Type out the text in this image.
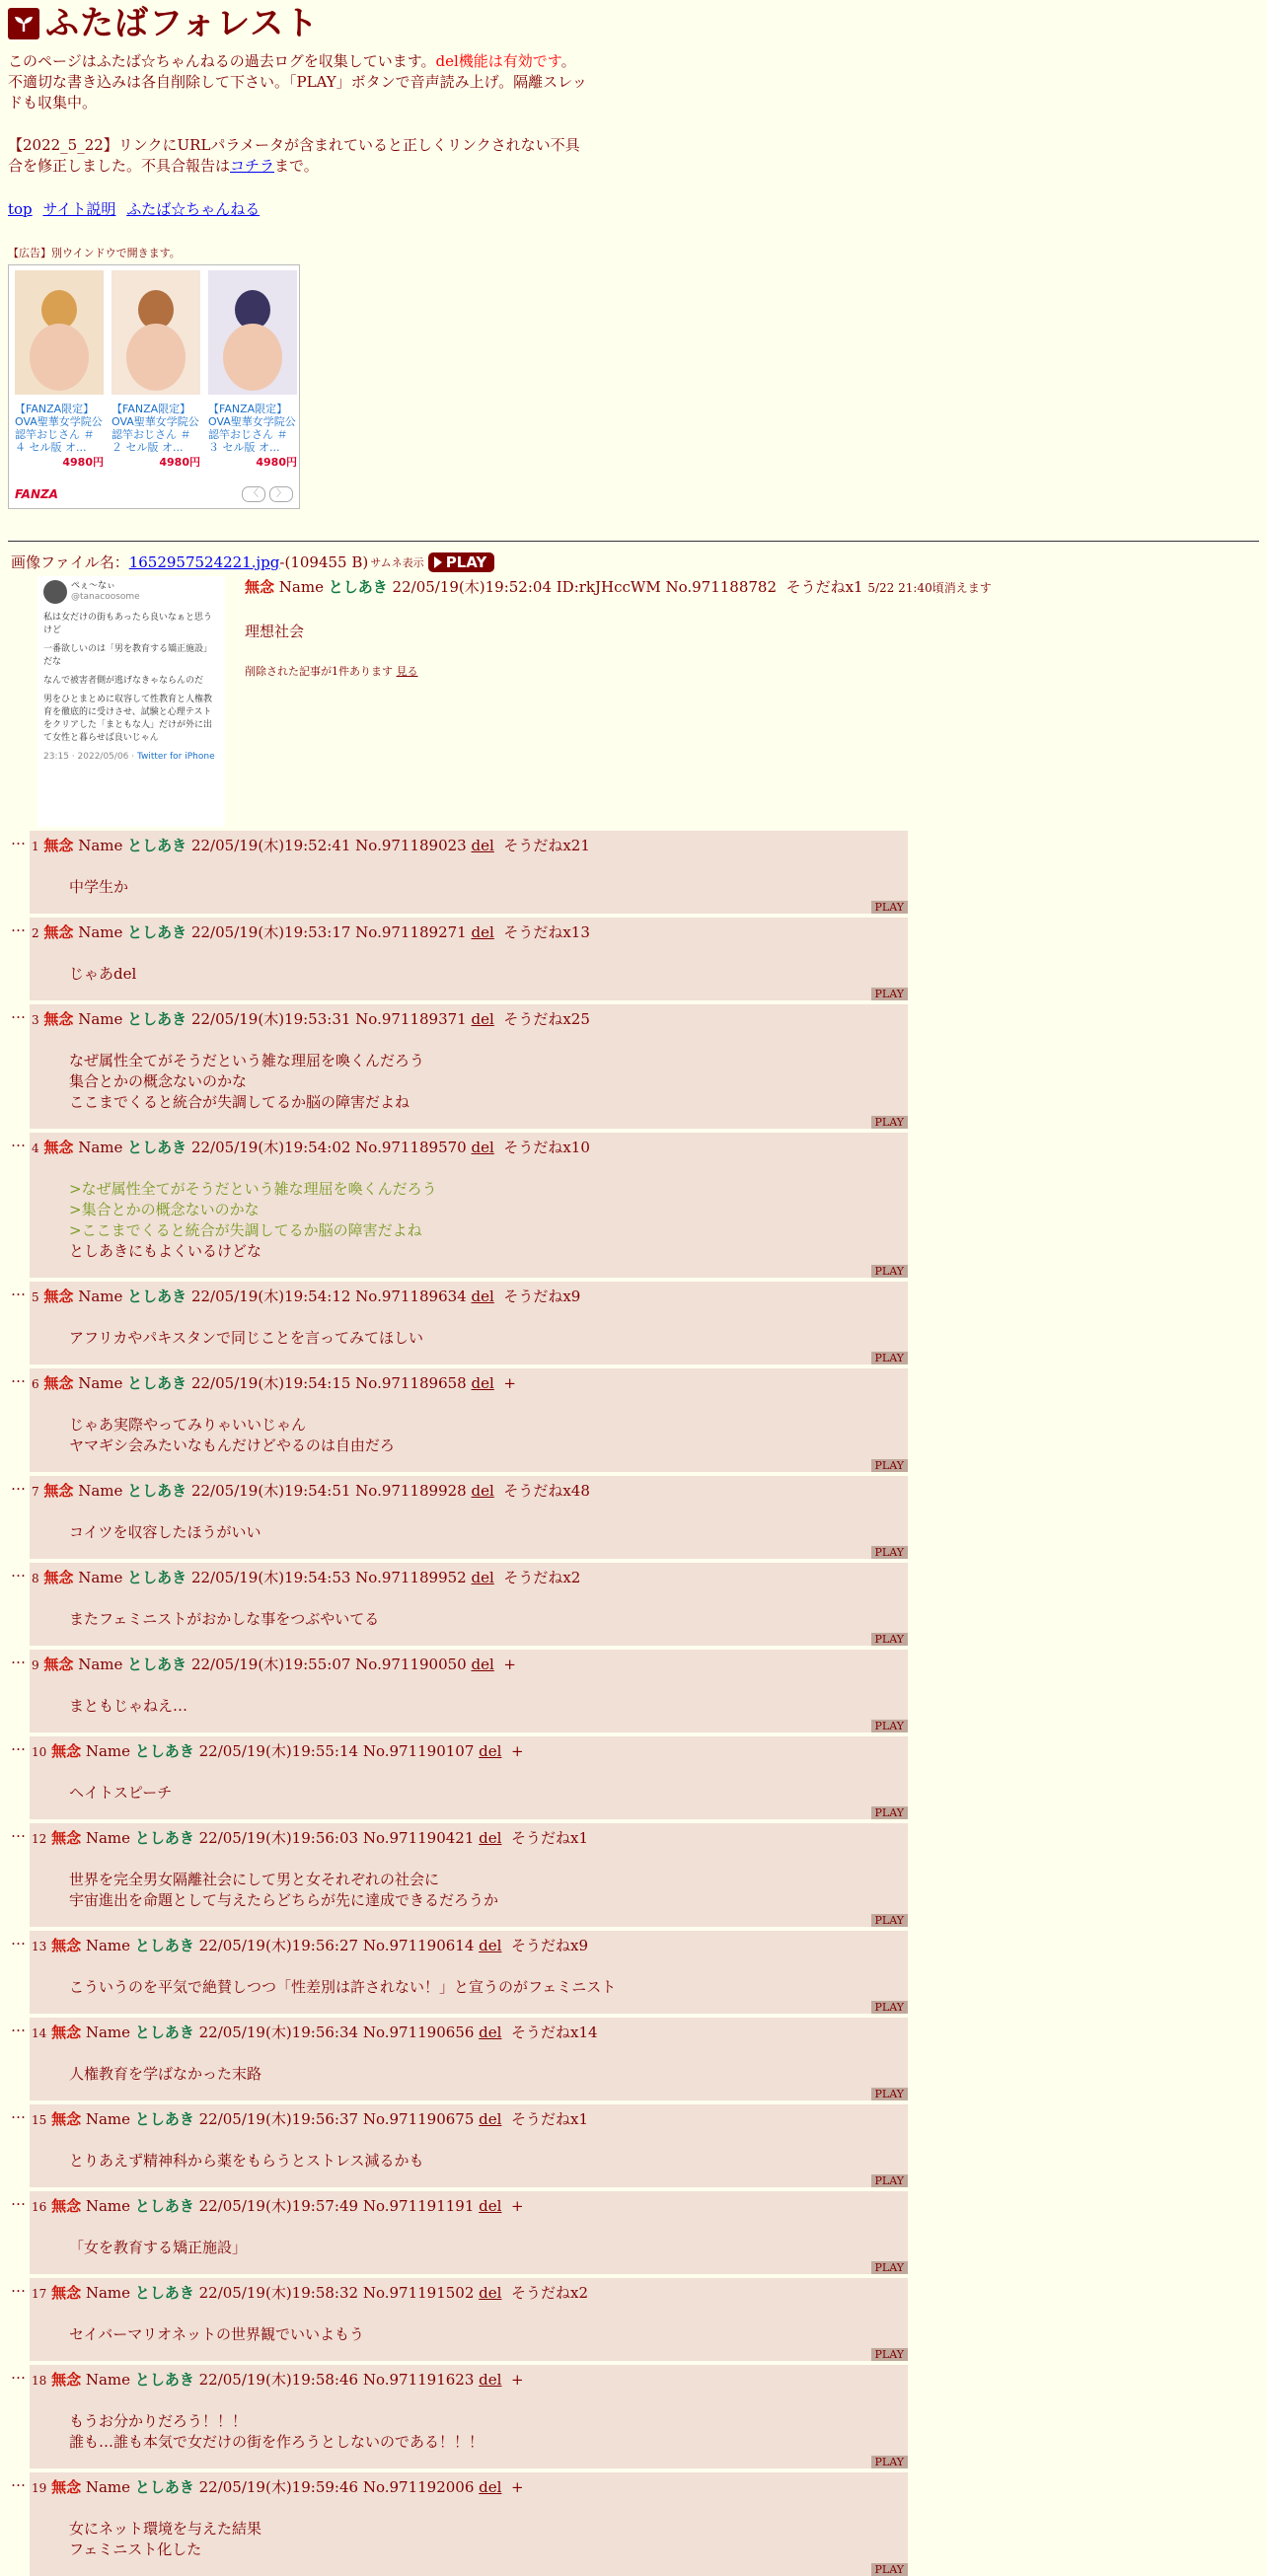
ふたばフォレスト
このページはふたば☆ちゃんねるの過去ログを収集しています。del機能は有効です。不適切な書き込みは各自削除して下さい。「PLAY」ボタンで音声読み上げ。隔離スレッドも収集中。
【2022_5_22】リンクにURLパラメータが含まれていると正しくリンクされない不具合を修正しました。不具合報告はコチラまで。
top サイト説明 ふたば☆ちゃんねる
【広告】別ウインドウで開きます。
【FANZA限定】OVA聖華女学院公認竿おじさん ＃４ セル版 オ...
4980円
【FANZA限定】OVA聖華女学院公認竿おじさん ＃２ セル版 オ...
4980円
【FANZA限定】OVA聖華女学院公認竿おじさん ＃３ セル版 オ...
4980円
FANZA	〈	〉
画像ファイル名： 1652957524221.jpg -(109455 B) サムネ表示 PLAY
ぺぇ〜なぃ
@tanacoosome

私は女だけの街もあったら良いなぁと思うけど

一番欲しいのは「男を教育する矯正施設」だな

なんで被害者側が逃げなきゃならんのだ

男をひとまとめに収容して性教育と人権教育を徹底的に受けさせ、試験と心理テストをクリアした「まともな人」だけが外に出て女性と暮らせば良いじゃん

23:15 · 2022/05/06 · Twitter for iPhone
無念 Name としあき 22/05/19(木)19:52:04 ID:rkJHccWM No.971188782 そうだねx1 5/22 21:40頃消えます
理想社会
削除された記事が1件あります 見る
… 1 無念 Name としあき 22/05/19(木)19:52:41 No.971189023 del そうだねx21
中学生か
PLAY
… 2 無念 Name としあき 22/05/19(木)19:53:17 No.971189271 del そうだねx13
じゃあdel
PLAY
… 3 無念 Name としあき 22/05/19(木)19:53:31 No.971189371 del そうだねx25
なぜ属性全てがそうだという雑な理屈を喚くんだろう
集合とかの概念ないのかな
ここまでくると統合が失調してるか脳の障害だよね
PLAY
… 4 無念 Name としあき 22/05/19(木)19:54:02 No.971189570 del そうだねx10
>なぜ属性全てがそうだという雑な理屈を喚くんだろう
>集合とかの概念ないのかな
>ここまでくると統合が失調してるか脳の障害だよね
としあきにもよくいるけどな
PLAY
… 5 無念 Name としあき 22/05/19(木)19:54:12 No.971189634 del そうだねx9
アフリカやパキスタンで同じことを言ってみてほしい
PLAY
… 6 無念 Name としあき 22/05/19(木)19:54:15 No.971189658 del +
じゃあ実際やってみりゃいいじゃん
ヤマギシ会みたいなもんだけどやるのは自由だろ
PLAY
… 7 無念 Name としあき 22/05/19(木)19:54:51 No.971189928 del そうだねx48
コイツを収容したほうがいい
PLAY
… 8 無念 Name としあき 22/05/19(木)19:54:53 No.971189952 del そうだねx2
またフェミニストがおかしな事をつぶやいてる
PLAY
… 9 無念 Name としあき 22/05/19(木)19:55:07 No.971190050 del +
まともじゃねえ…
PLAY
… 10 無念 Name としあき 22/05/19(木)19:55:14 No.971190107 del +
ヘイトスピーチ
PLAY
… 12 無念 Name としあき 22/05/19(木)19:56:03 No.971190421 del そうだねx1
世界を完全男女隔離社会にして男と女それぞれの社会に
宇宙進出を命題として与えたらどちらが先に達成できるだろうか
PLAY
… 13 無念 Name としあき 22/05/19(木)19:56:27 No.971190614 del そうだねx9
こういうのを平気で絶賛しつつ「性差別は許されない！」と宣うのがフェミニスト
PLAY
… 14 無念 Name としあき 22/05/19(木)19:56:34 No.971190656 del そうだねx14
人権教育を学ばなかった末路
PLAY
… 15 無念 Name としあき 22/05/19(木)19:56:37 No.971190675 del そうだねx1
とりあえず精神科から薬をもらうとストレス減るかも
PLAY
… 16 無念 Name としあき 22/05/19(木)19:57:49 No.971191191 del +
「女を教育する矯正施設」
PLAY
… 17 無念 Name としあき 22/05/19(木)19:58:32 No.971191502 del そうだねx2
セイバーマリオネットの世界観でいいよもう
PLAY
… 18 無念 Name としあき 22/05/19(木)19:58:46 No.971191623 del +
もうお分かりだろう！！！
誰も…誰も本気で女だけの街を作ろうとしないのである！！！
PLAY
… 19 無念 Name としあき 22/05/19(木)19:59:46 No.971192006 del +
女にネット環境を与えた結果
フェミニスト化した
PLAY
